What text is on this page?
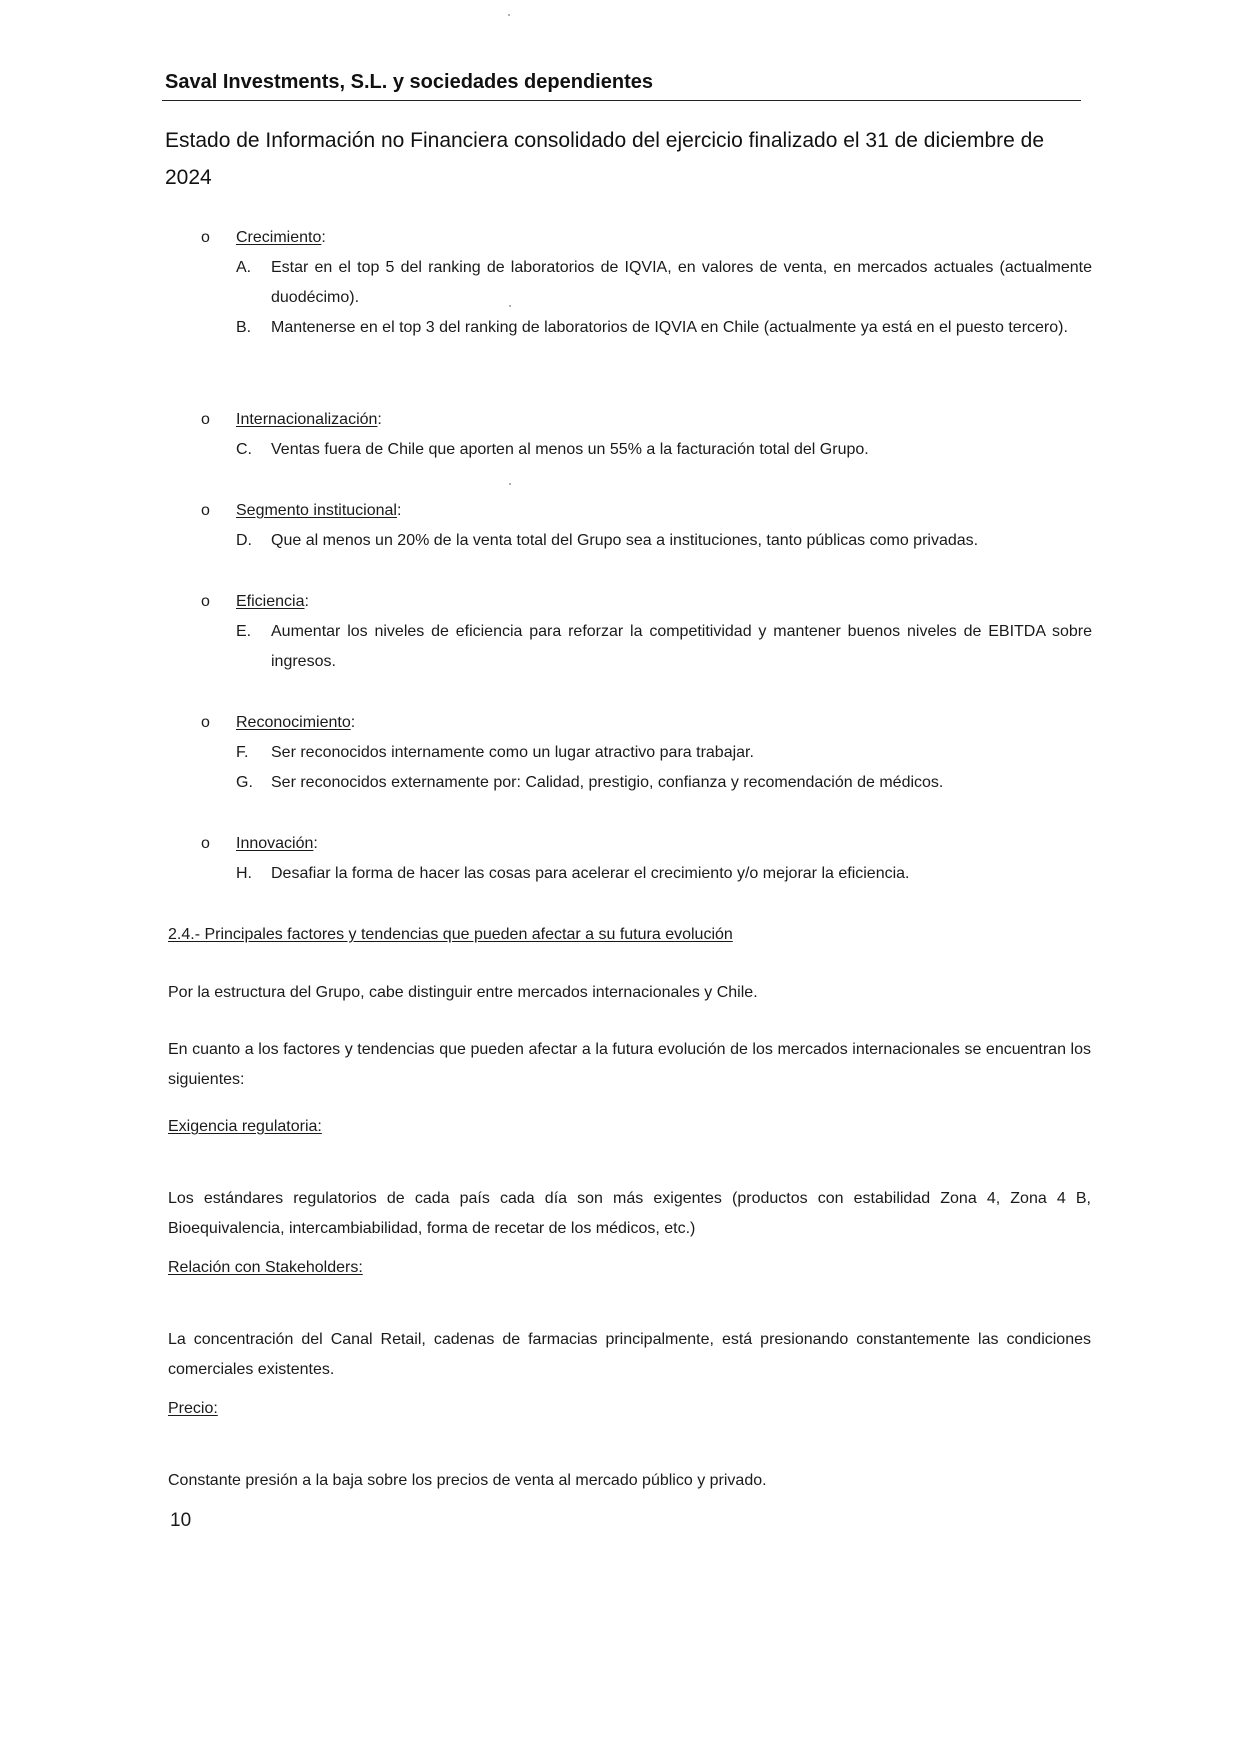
Saval Investments, S.L. y sociedades dependientes
Estado de Información no Financiera consolidado del ejercicio finalizado el 31 de diciembre de 2024
o Crecimiento:
A. Estar en el top 5 del ranking de laboratorios de IQVIA, en valores de venta, en mercados actuales (actualmente duodécimo).
B. Mantenerse en el top 3 del ranking de laboratorios de IQVIA en Chile (actualmente ya está en el puesto tercero).
o Internacionalización:
C. Ventas fuera de Chile que aporten al menos un 55% a la facturación total del Grupo.
o Segmento institucional:
D. Que al menos un 20% de la venta total del Grupo sea a instituciones, tanto públicas como privadas.
o Eficiencia:
E. Aumentar los niveles de eficiencia para reforzar la competitividad y mantener buenos niveles de EBITDA sobre ingresos.
o Reconocimiento:
F. Ser reconocidos internamente como un lugar atractivo para trabajar.
G. Ser reconocidos externamente por: Calidad, prestigio, confianza y recomendación de médicos.
o Innovación:
H. Desafiar la forma de hacer las cosas para acelerar el crecimiento y/o mejorar la eficiencia.
2.4.- Principales factores y tendencias que pueden afectar a su futura evolución
Por la estructura del Grupo, cabe distinguir entre mercados internacionales y Chile.
En cuanto a los factores y tendencias que pueden afectar a la futura evolución de los mercados internacionales se encuentran los siguientes:
Exigencia regulatoria:
Los estándares regulatorios de cada país cada día son más exigentes (productos con estabilidad Zona 4, Zona 4 B, Bioequivalencia, intercambiabilidad, forma de recetar de los médicos, etc.)
Relación con Stakeholders:
La concentración del Canal Retail, cadenas de farmacias principalmente, está presionando constantemente las condiciones comerciales existentes.
Precio:
Constante presión a la baja sobre los precios de venta al mercado público y privado.
10
